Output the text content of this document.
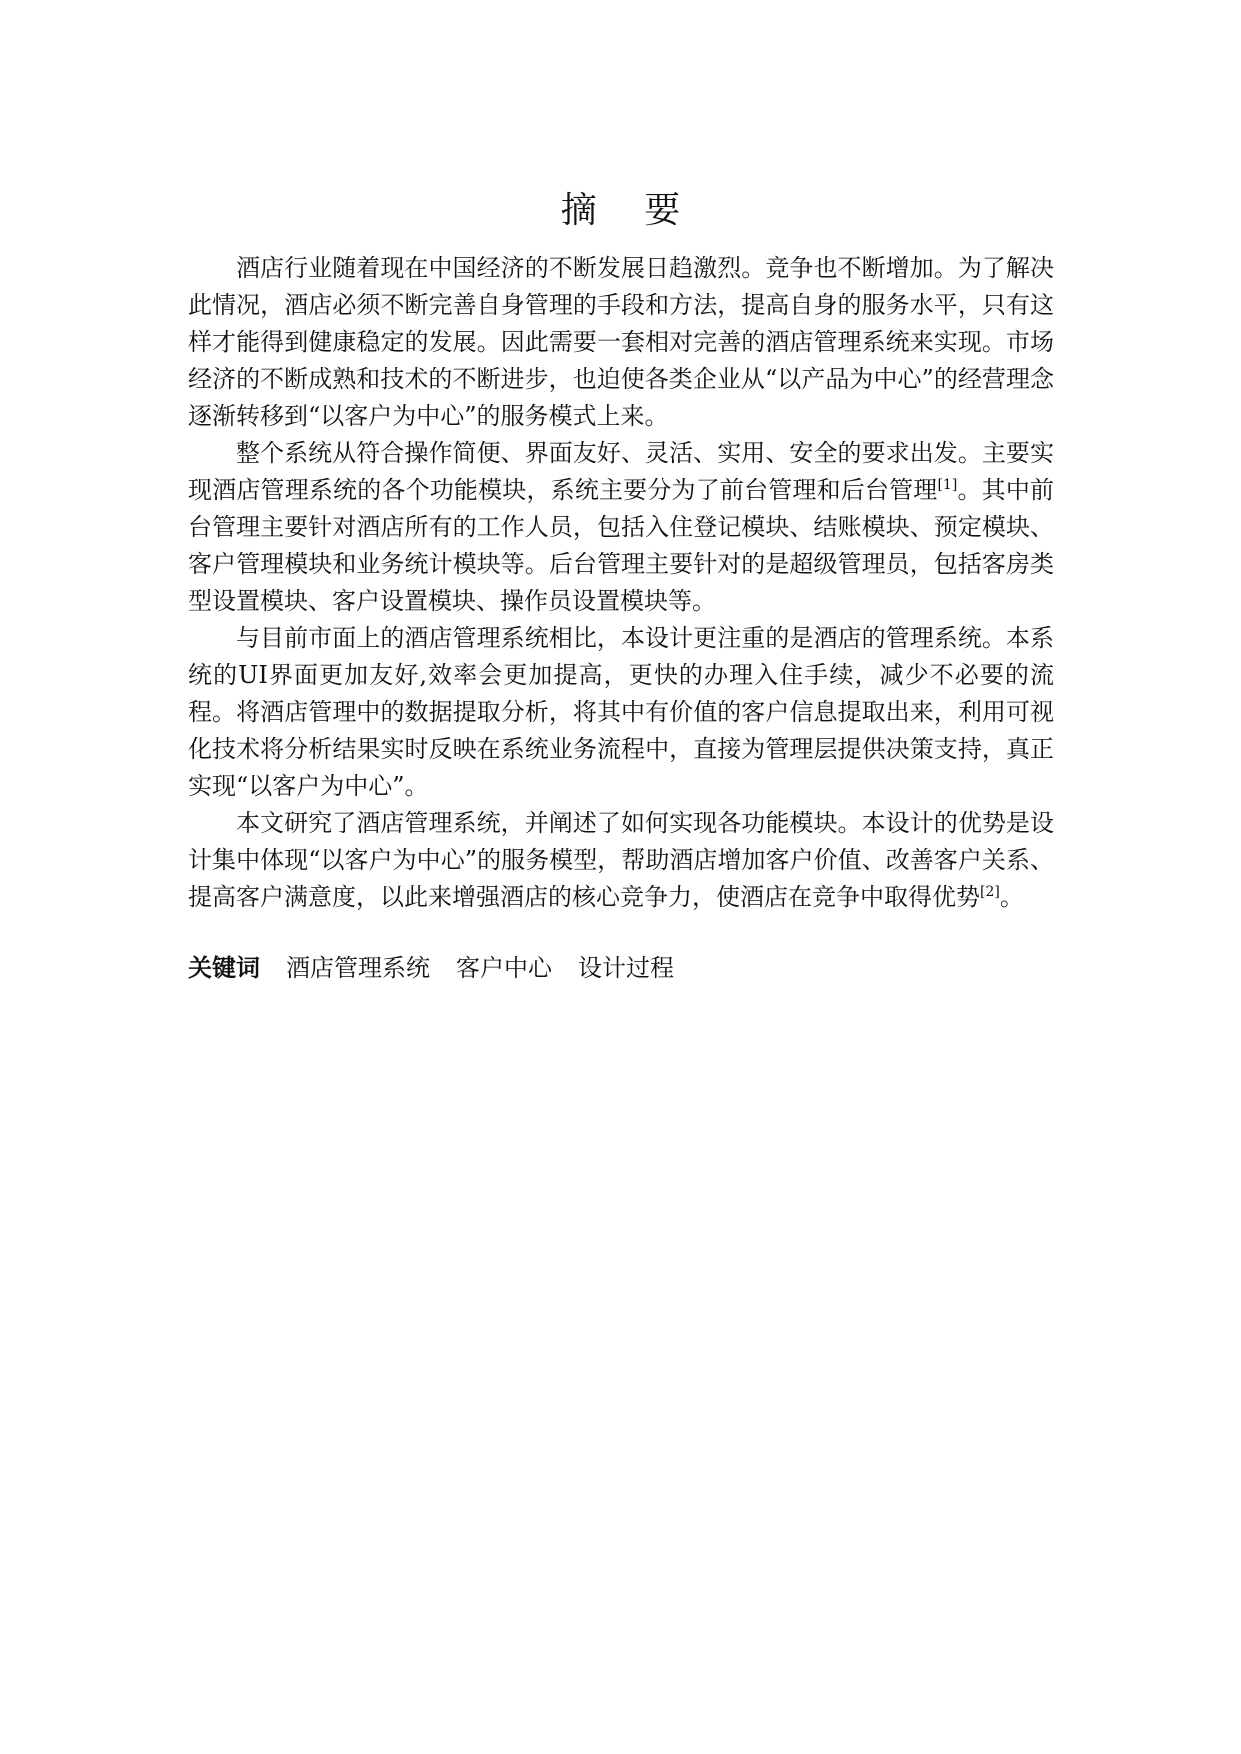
摘 要

酒店行业随着现在中国经济的不断发展日趋激烈。竞争也不断增加。为了解决此情况，酒店必须不断完善自身管理的手段和方法，提高自身的服务水平，只有这样才能得到健康稳定的发展。因此需要一套相对完善的酒店管理系统来实现。市场经济的不断成熟和技术的不断进步，也迫使各类企业从“以产品为中心”的经营理念逐渐转移到“以客户为中心”的服务模式上来。

整个系统从符合操作简便、界面友好、灵活、实用、安全的要求出发。主要实现酒店管理系统的各个功能模块，系统主要分为了前台管理和后台管理[1]。其中前台管理主要针对酒店所有的工作人员，包括入住登记模块、结账模块、预定模块、客户管理模块和业务统计模块等。后台管理主要针对的是超级管理员，包括客房类型设置模块、客户设置模块、操作员设置模块等。

与目前市面上的酒店管理系统相比，本设计更注重的是酒店的管理系统。本系统的UI界面更加友好,效率会更加提高，更快的办理入住手续，减少不必要的流程。将酒店管理中的数据提取分析，将其中有价值的客户信息提取出来，利用可视化技术将分析结果实时反映在系统业务流程中，直接为管理层提供决策支持，真正实现“以客户为中心”。

本文研究了酒店管理系统，并阐述了如何实现各功能模块。本设计的优势是设计集中体现“以客户为中心”的服务模型，帮助酒店增加客户价值、改善客户关系、提高客户满意度，以此来增强酒店的核心竞争力，使酒店在竞争中取得优势[2]。

关键词 酒店管理系统 客户中心 设计过程
